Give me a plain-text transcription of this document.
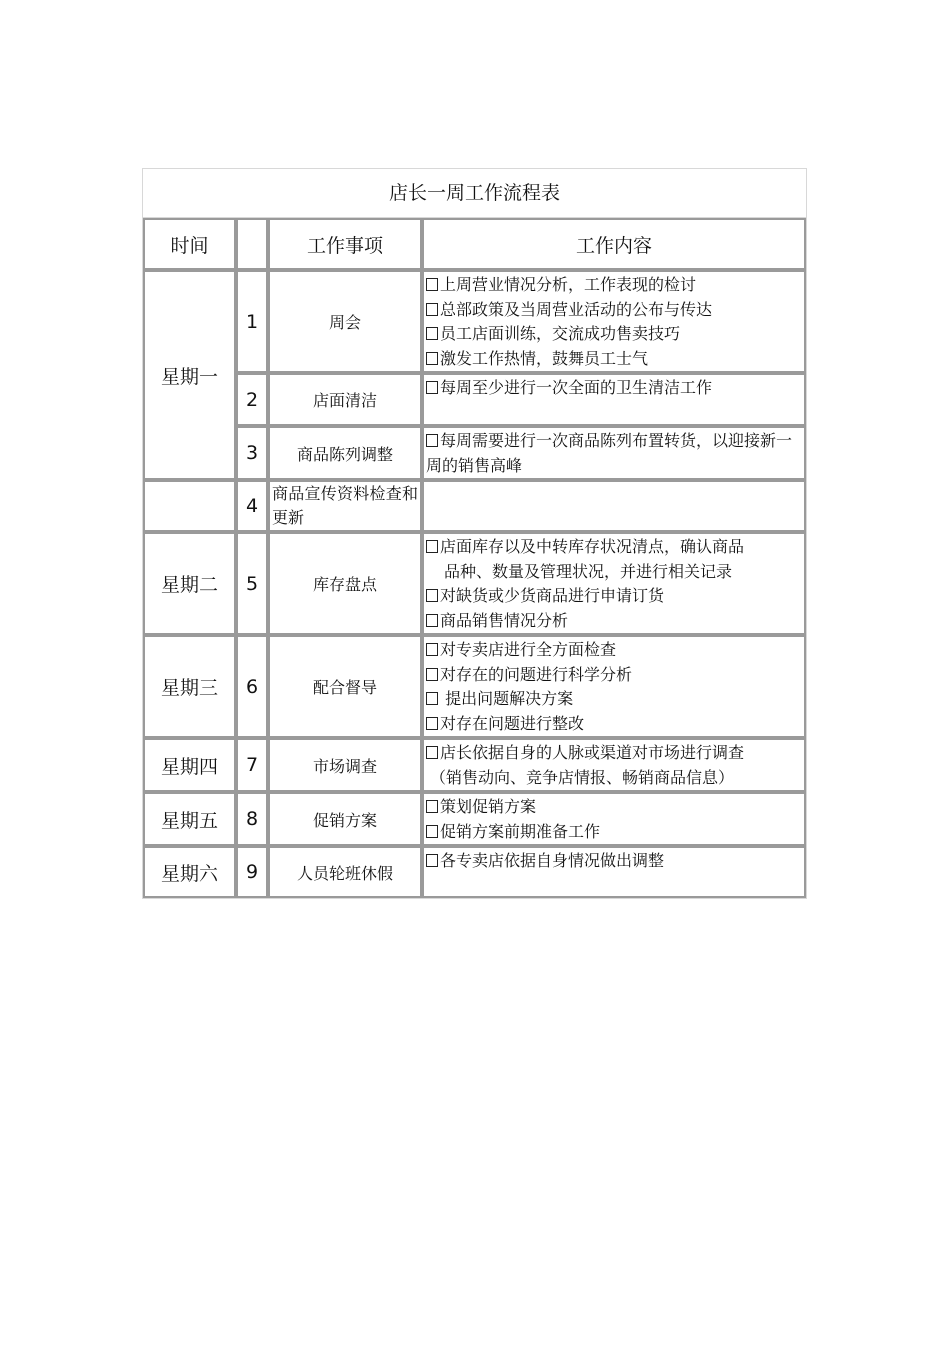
店长一周工作流程表
时间		工作事项	工作内容
星期一	1	周会	上周营业情况分析，工作表现的检讨
总部政策及当周营业活动的公布与传达
员工店面训练，交流成功售卖技巧
激发工作热情，鼓舞员工士气

	2	店面清洁	每周至少进行一次全面的卫生清洁工作

	3	商品陈列调整	每周需要进行一次商品陈列布置转货，以迎接新一周的销售高峰

	4	商品宣传资料检查和更新	
星期二	5	库存盘点	店面库存以及中转库存状况清点，确认商品
品种、数量及管理状况，并进行相关记录
对缺货或少货商品进行申请订货
商品销售情况分析

星期三	6	配合督导	对专卖店进行全方面检查
对存在的问题进行科学分析
提出问题解决方案
对存在问题进行整改

星期四	7	市场调查	店长依据自身的人脉或渠道对市场进行调查
（销售动向、竞争店情报、畅销商品信息）

星期五	8	促销方案	策划促销方案
促销方案前期准备工作

星期六	9	人员轮班休假	各专卖店依据自身情况做出调整
